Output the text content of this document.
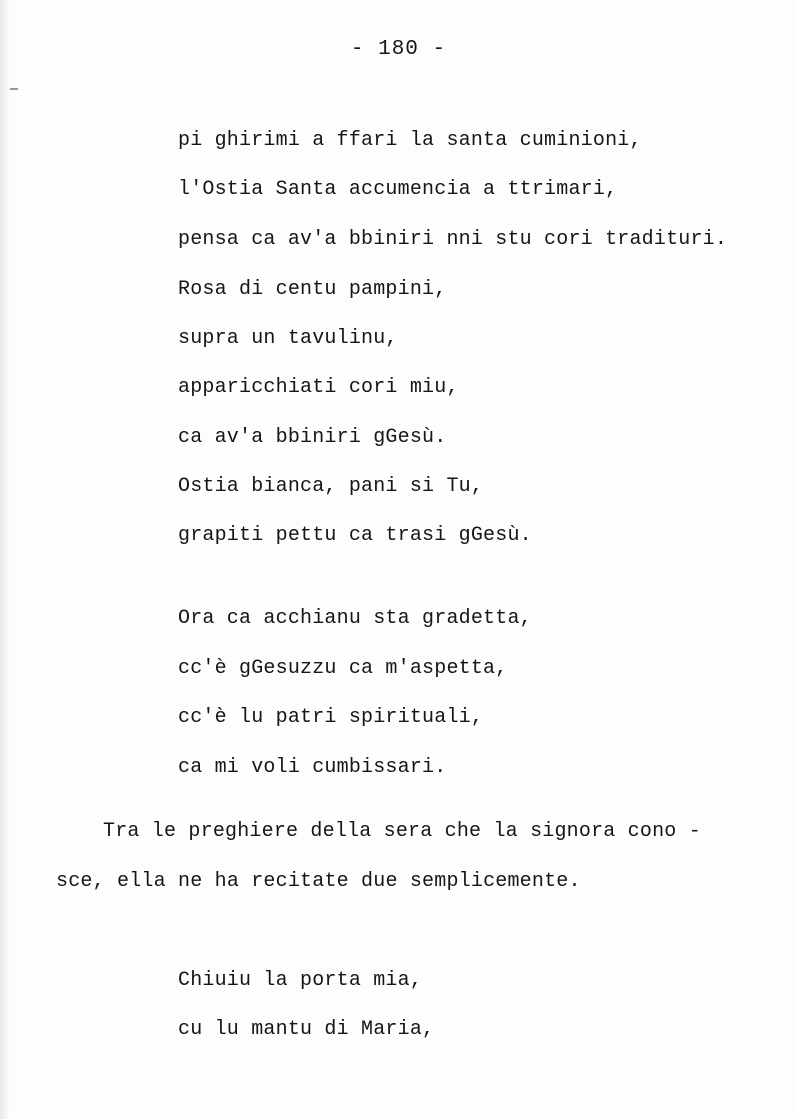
- 180 -
pi ghirimi a ffari la santa cuminioni,
l'Ostia Santa accumencia a ttrimari,
pensa ca av'a bbiniri nni stu cori tradituri.
Rosa di centu pampini,
supra un tavulinu,
apparicchiati cori miu,
ca av'a bbiniri gGesù.
Ostia bianca, pani si Tu,
grapiti pettu ca trasi gGesù.
Ora ca acchianu sta gradetta,
cc'è gGesuzzu ca m'aspetta,
cc'è lu patri spirituali,
ca mi voli cumbissari.
Tra le preghiere della sera che la signora cono -
sce, ella ne ha recitate due semplicemente.
Chiuiu la porta mia,
cu lu mantu di Maria,
